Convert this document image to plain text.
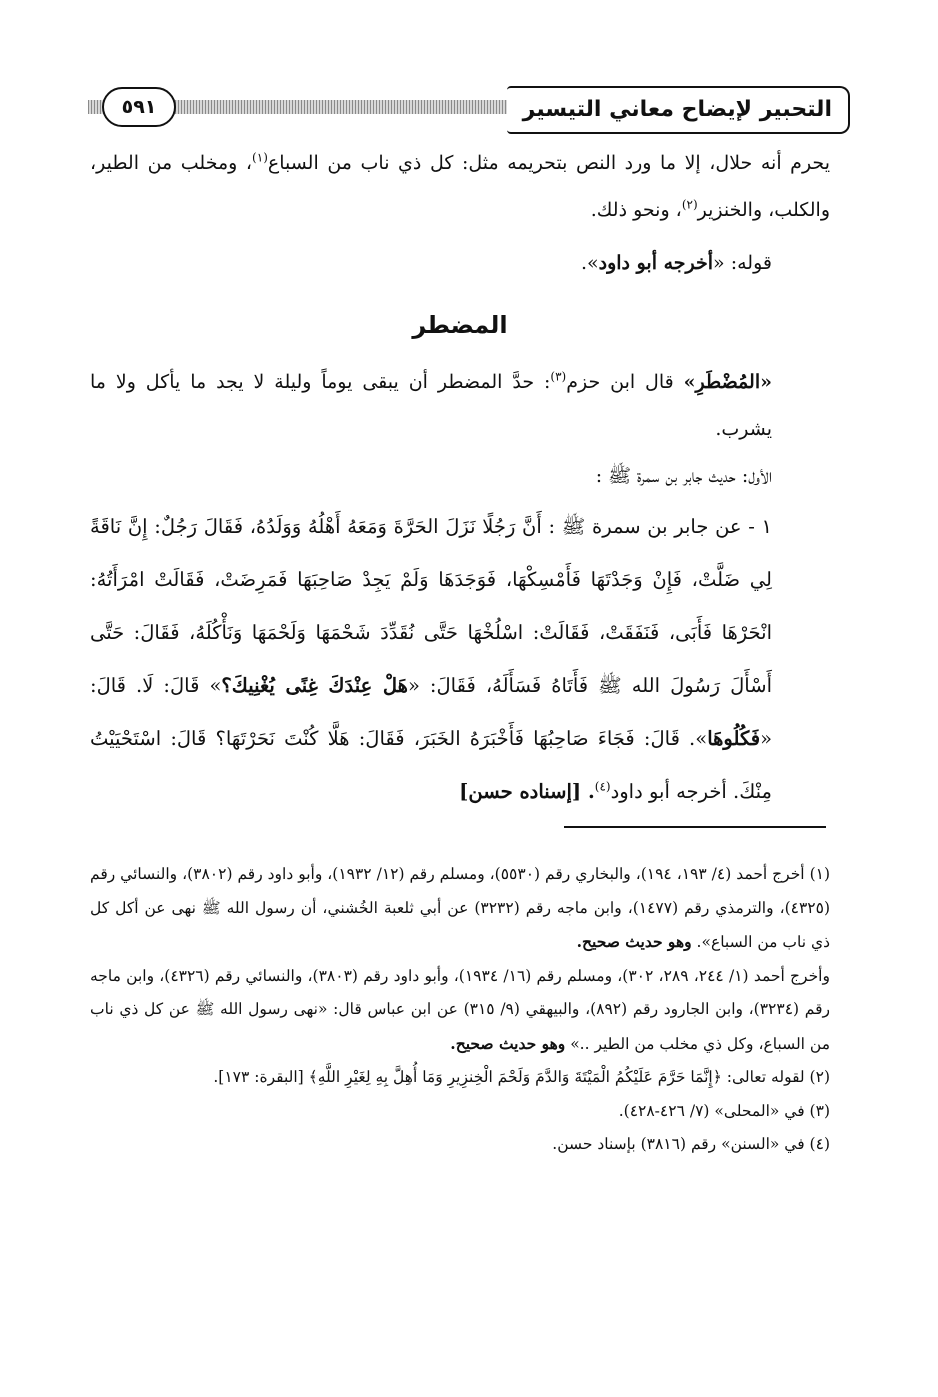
٥٩١	التحبير لإيضاح معاني التيسير

يحرم أنه حلال، إلا ما ورد النص بتحريمه مثل: كل ذي ناب من السباع$^{(١)}$، ومخلب من الطير، والكلب، والخنزير$^{(٢)}$، ونحو ذلك.

قوله: «أخرجه أبو داود».

المضطر

«المُضْطَرِ» قال ابن حزم$^{(٣)}$: حدَّ المضطر أن يبقى يوماً وليلة لا يجد ما يأكل ولا ما يشرب.

الأول: حديث جابر بن سمرة ﷺ :

١ - عن جابر بن سمرة ﷺ : أَنَّ رَجُلًا نَزَلَ الحَرَّةَ وَمَعَهُ أَهْلُهُ وَوَلَدُهُ، فَقَالَ رَجُلٌ: إِنَّ نَاقَةً لِي ضَلَّتْ، فَإِنْ وَجَدْتَهَا فَأَمْسِكْهَا، فَوَجَدَهَا وَلَمْ يَجِدْ صَاحِبَهَا فَمَرِضَتْ، فَقَالَتْ امْرَأَتُهُ: انْحَرْهَا فَأَبَى، فَنَفَقَتْ، فَقَالَتْ: اسْلُخْهَا حَتَّى نُقَدِّدَ شَحْمَهَا وَلَحْمَهَا وَنَأْكُلَهُ، فَقَالَ: حَتَّى أَسْأَلَ رَسُولَ الله ﷺ فَأَتَاهُ فَسَأَلَهُ، فَقَالَ: «هَلْ عِنْدَكَ غِنًى يُغْنِيكَ؟» قَالَ: لَا. قَالَ: «فَكُلُوهَا». قَالَ: فَجَاءَ صَاحِبُهَا فَأَخْبَرَهُ الخَبَرَ، فَقَالَ: هَلَّا كُنْتَ نَحَرْتَهَا؟ قَالَ: اسْتَحْيَيْتُ مِنْكَ. أخرجه أبو داود$^{(٤)}$. [إسناده حسن]

(١) أخرج أحمد (٤/ ١٩٣، ١٩٤)، والبخاري رقم (٥٥٣٠)، ومسلم رقم (١٢/ ١٩٣٢)، وأبو داود رقم (٣٨٠٢)، والنسائي رقم (٤٣٢٥)، والترمذي رقم (١٤٧٧)، وابن ماجه رقم (٣٢٣٢) عن أبي ثلعبة الخُشني، أن رسول الله ﷺ نهى عن أكل كل ذي ناب من السباع». وهو حديث صحيح.

وأخرج أحمد (١/ ٢٤٤، ٢٨٩، ٣٠٢)، ومسلم رقم (١٦/ ١٩٣٤)، وأبو داود رقم (٣٨٠٣)، والنسائي رقم (٤٣٢٦)، وابن ماجه رقم (٣٢٣٤)، وابن الجارود رقم (٨٩٢)، والبيهقي (٩/ ٣١٥) عن ابن عباس قال: «نهى رسول الله ﷺ عن كل ذي ناب من السباع، وكل ذي مخلب من الطير ..» وهو حديث صحيح.

(٢) لقوله تعالى: ﴿إِنَّمَا حَرَّمَ عَلَيْكُمُ الْمَيْتَةَ وَالدَّمَ وَلَحْمَ الْخِنزِيرِ وَمَا أُهِلَّ بِهِ لِغَيْرِ اللَّهِ﴾ [البقرة: ١٧٣].

(٣) في «المحلى» (٧/ ٤٢٦-٤٢٨).

(٤) في «السنن» رقم (٣٨١٦) بإسناد حسن.
